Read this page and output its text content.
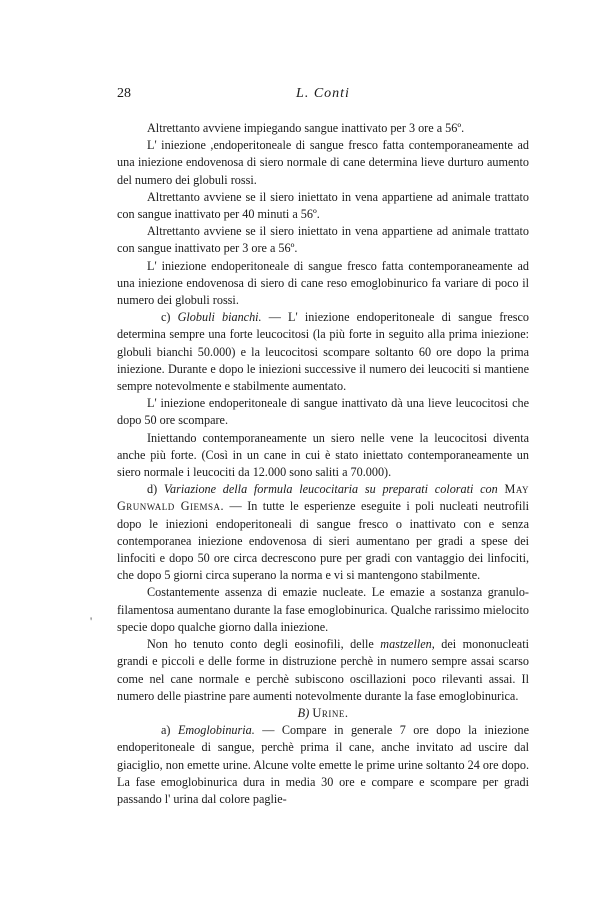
28	L. Conti
'

Altrettanto avviene impiegando sangue inattivato per 3 ore a 56º.

L' iniezione ,endoperitoneale di sangue fresco fatta contemporaneamente ad una iniezione endovenosa di siero normale di cane determina lieve durturo aumento del numero dei globuli rossi.

Altrettanto avviene se il siero iniettato in vena appartiene ad animale trattato con sangue inattivato per 40 minuti a 56º.

Altrettanto avviene se il siero iniettato in vena appartiene ad animale trattato con sangue inattivato per 3 ore a 56º.

L' iniezione endoperitoneale di sangue fresco fatta contemporaneamente ad una iniezione endovenosa di siero di cane reso emoglobinurico fa variare di poco il numero dei globuli rossi.

c) Globuli bianchi. — L' iniezione endoperitoneale di sangue fresco determina sempre una forte leucocitosi (la più forte in seguito alla prima iniezione: globuli bianchi 50.000) e la leucocitosi scompare soltanto 60 ore dopo la prima iniezione. Durante e dopo le iniezioni successive il numero dei leucociti si mantiene sempre notevolmente e stabilmente aumentato.

L' iniezione endoperitoneale di sangue inattivato dà una lieve leucocitosi che dopo 50 ore scompare.

Iniettando contemporaneamente un siero nelle vene la leucocitosi diventa anche più forte. (Così in un cane in cui è stato iniettato contemporaneamente un siero normale i leucociti da 12.000 sono saliti a 70.000).

d) Variazione della formula leucocitaria su preparati colorati con May Grunwald Giemsa. — In tutte le esperienze eseguite i poli nucleati neutrofili dopo le iniezioni endoperitoneali di sangue fresco o inattivato con e senza contemporanea iniezione endovenosa di sieri aumentano per gradi a spese dei linfociti e dopo 50 ore circa decrescono pure per gradi con vantaggio dei linfociti, che dopo 5 giorni circa superano la norma e vi si mantengono stabilmente.

Costantemente assenza di emazie nucleate. Le emazie a sostanza granulo-filamentosa aumentano durante la fase emoglobinurica. Qualche rarissimo mielocito specie dopo qualche giorno dalla iniezione.

Non ho tenuto conto degli eosinofili, delle mastzellen, dei mononucleati grandi e piccoli e delle forme in distruzione perchè in numero sempre assai scarso come nel cane normale e perchè subiscono oscillazioni poco rilevanti assai. Il numero delle piastrine pare aumenti notevolmente durante la fase emoglobinurica.

B) Urine.

a) Emoglobinuria. — Compare in generale 7 ore dopo la iniezione endoperitoneale di sangue, perchè prima il cane, anche invitato ad uscire dal giaciglio, non emette urine. Alcune volte emette le prime urine soltanto 24 ore dopo. La fase emoglobinurica dura in media 30 ore e compare e scompare per gradi passando l' urina dal colore paglie-
